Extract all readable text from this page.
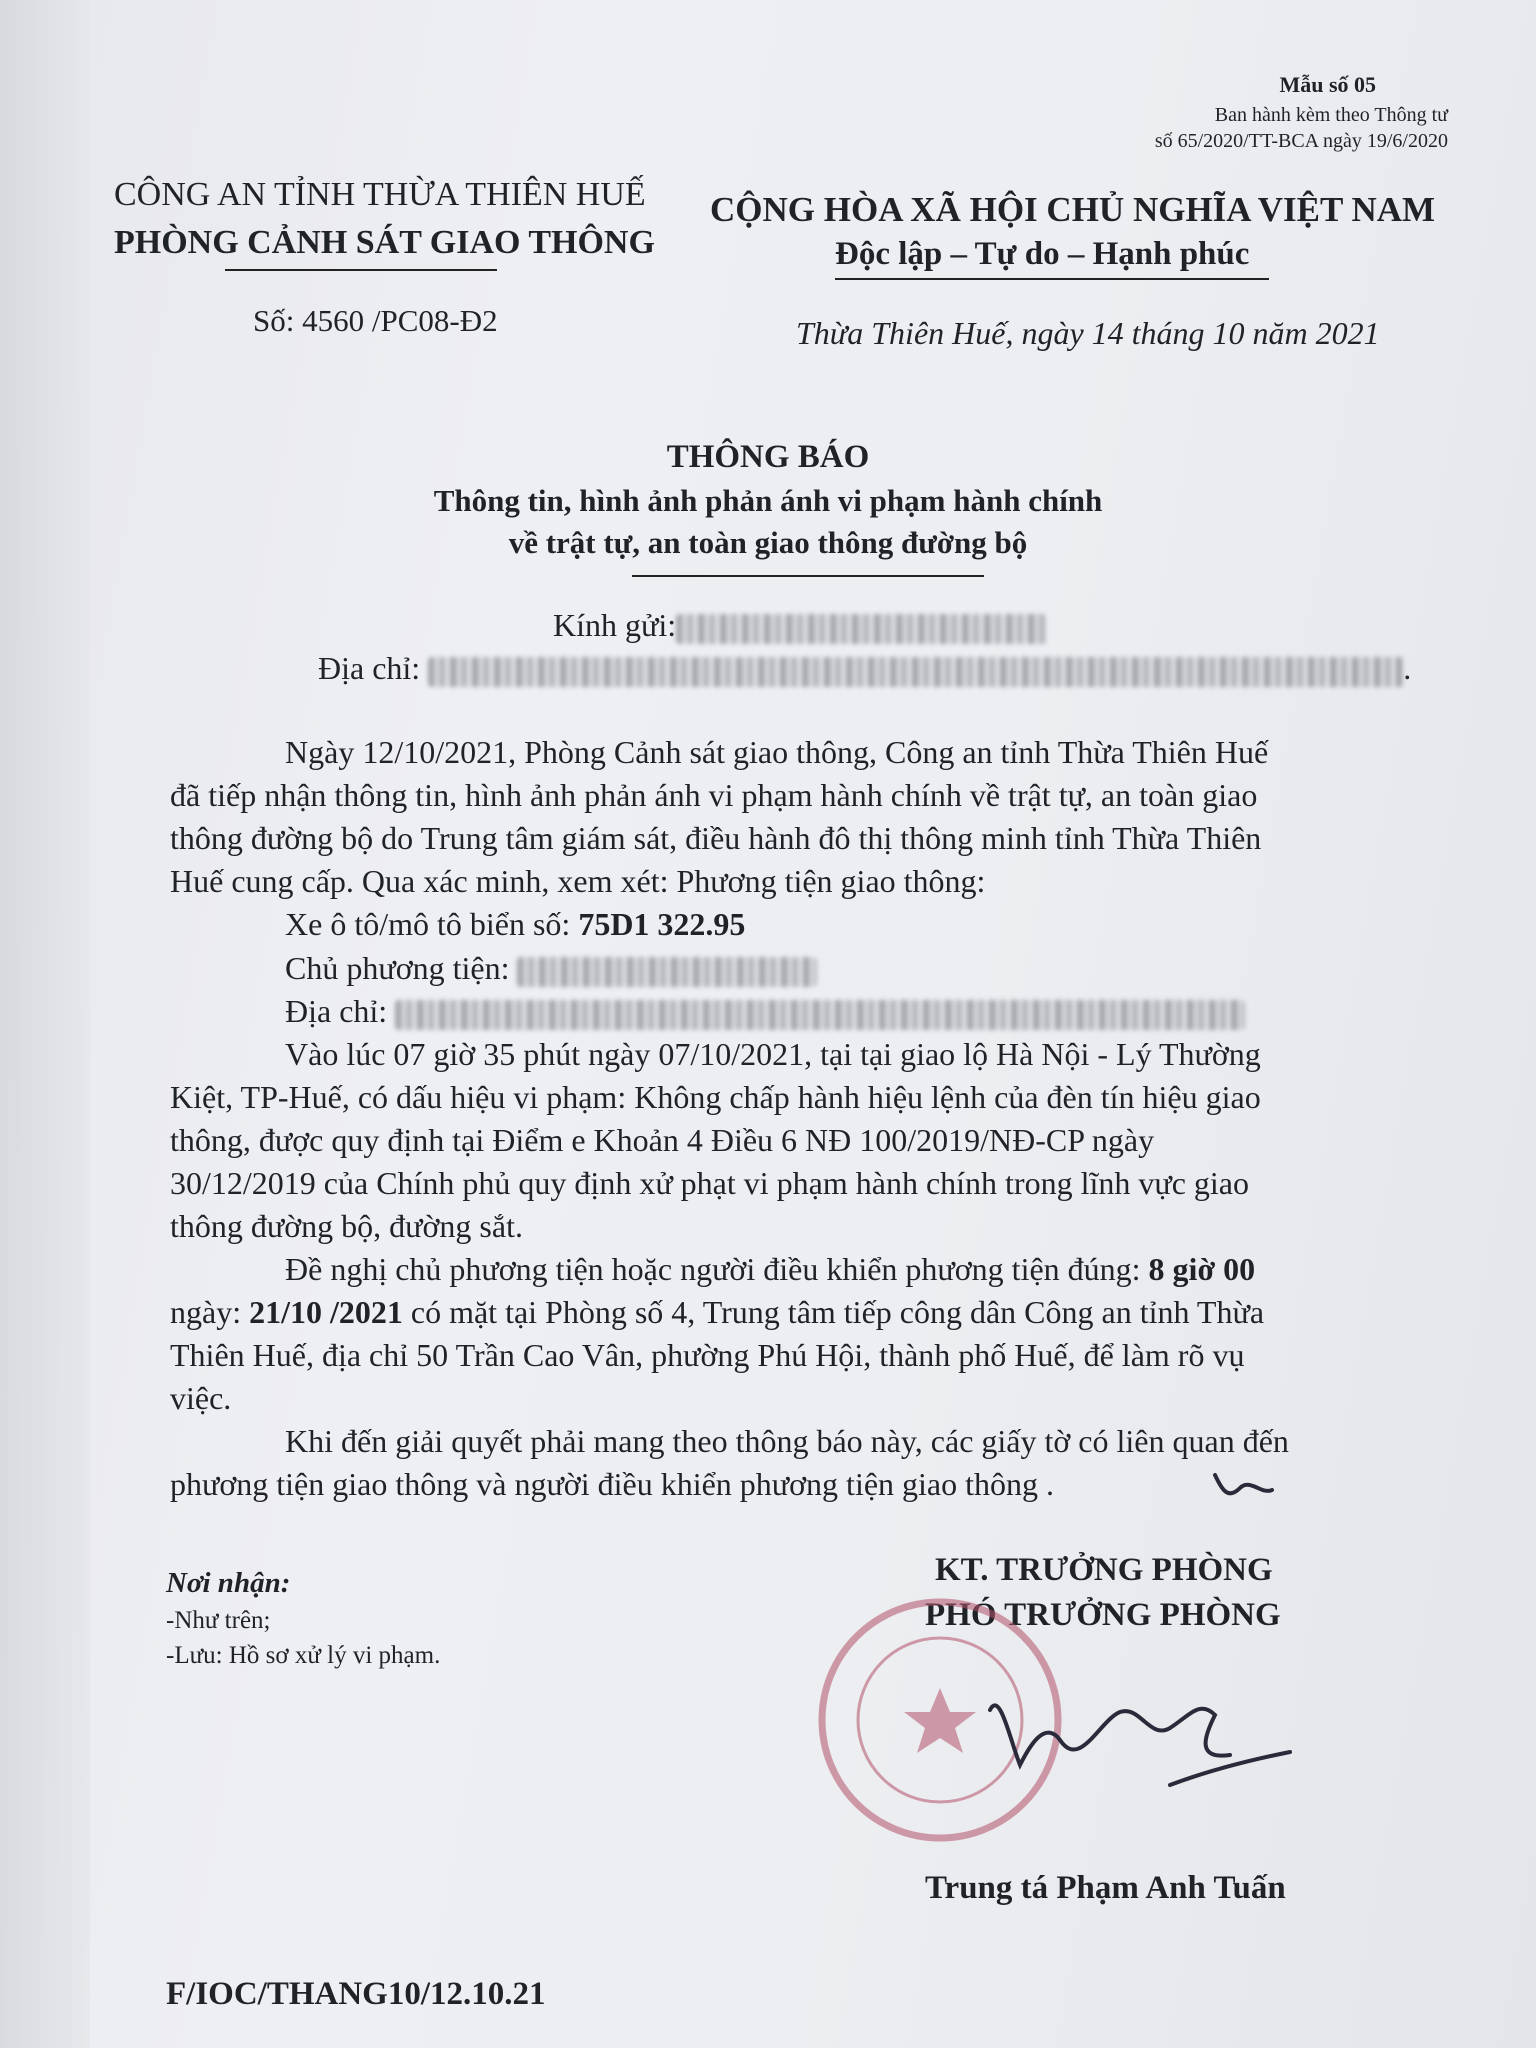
Mẫu số 05
Ban hành kèm theo Thông tư
số 65/2020/TT-BCA ngày 19/6/2020
CÔNG AN TỈNH THỪA THIÊN HUẾ
PHÒNG CẢNH SÁT GIAO THÔNG
Số: 4560 /PC08-Đ2
CỘNG HÒA XÃ HỘI CHỦ NGHĨA VIỆT NAM
Độc lập – Tự do – Hạnh phúc
Thừa Thiên Huế, ngày 14 tháng 10 năm 2021
THÔNG BÁO
Thông tin, hình ảnh phản ánh vi phạm hành chính
về trật tự, an toàn giao thông đường bộ
Kính gửi:
Địa chỉ:	.
Ngày 12/10/2021, Phòng Cảnh sát giao thông, Công an tỉnh Thừa Thiên Huế
đã tiếp nhận thông tin, hình ảnh phản ánh vi phạm hành chính về trật tự, an toàn giao
thông đường bộ do Trung tâm giám sát, điều hành đô thị thông minh tỉnh Thừa Thiên
Huế cung cấp. Qua xác minh, xem xét: Phương tiện giao thông:
Xe ô tô/mô tô biển số: 75D1 322.95
Chủ phương tiện:
Địa chỉ:
Vào lúc 07 giờ 35 phút ngày 07/10/2021, tại tại giao lộ Hà Nội - Lý Thường
Kiệt, TP-Huế, có dấu hiệu vi phạm: Không chấp hành hiệu lệnh của đèn tín hiệu giao
thông, được quy định tại Điểm e Khoản 4 Điều 6 NĐ 100/2019/NĐ-CP ngày
30/12/2019 của Chính phủ quy định xử phạt vi phạm hành chính trong lĩnh vực giao
thông đường bộ, đường sắt.
Đề nghị chủ phương tiện hoặc người điều khiển phương tiện đúng: 8 giờ 00
ngày: 21/10 /2021 có mặt tại Phòng số 4, Trung tâm tiếp công dân Công an tỉnh Thừa
Thiên Huế, địa chỉ 50 Trần Cao Vân, phường Phú Hội, thành phố Huế, để làm rõ vụ
việc.
Khi đến giải quyết phải mang theo thông báo này, các giấy tờ có liên quan đến
phương tiện giao thông và người điều khiển phương tiện giao thông .
Nơi nhận:
-Như trên;
-Lưu: Hồ sơ xử lý vi phạm.
KT. TRƯỞNG PHÒNG
PHÓ TRƯỞNG PHÒNG
Trung tá Phạm Anh Tuấn
F/IOC/THANG10/12.10.21
